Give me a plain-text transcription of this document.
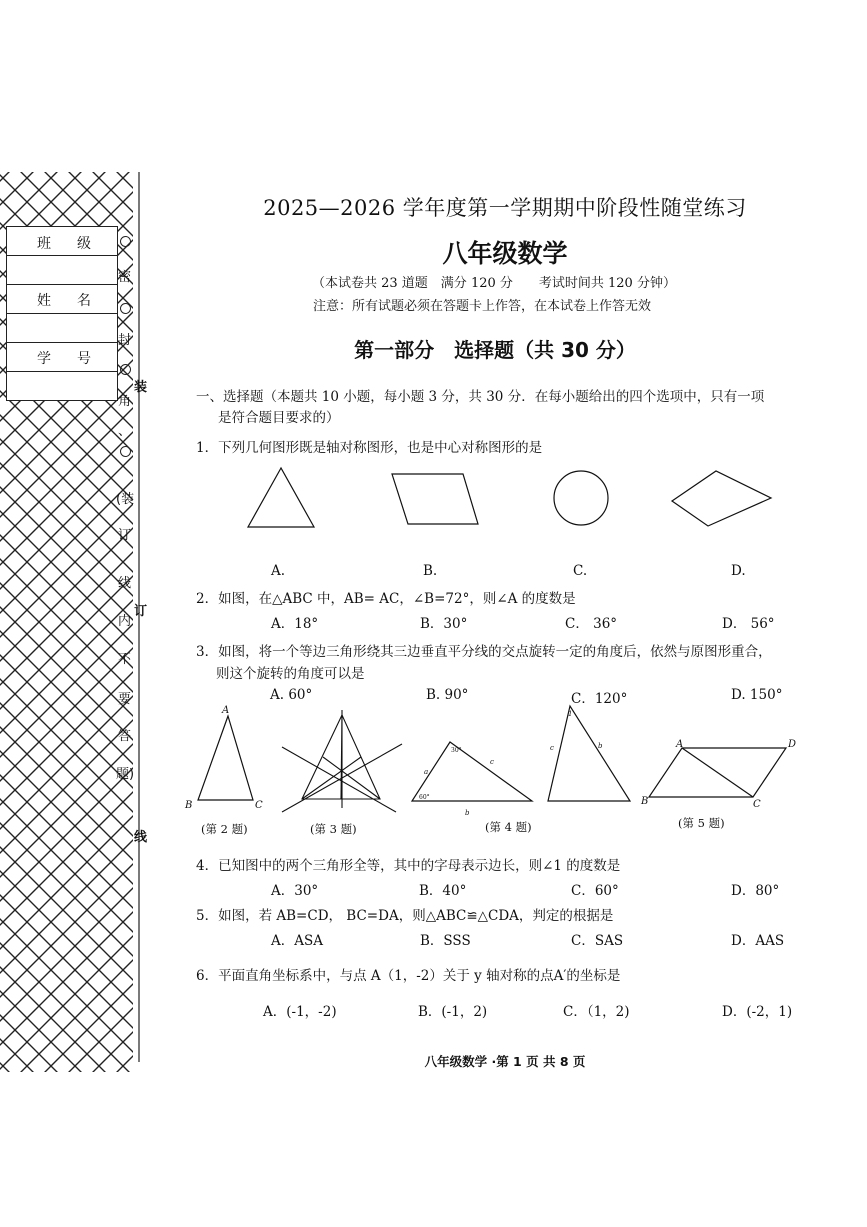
班级
姓名
学号
密
封
角
、
(装
订
线
内
不
要
答
题)
装
订
线
2025—2026 学年度第一学期期中阶段性随堂练习
八年级数学
（本试卷共 23 道题　满分 120 分　　考试时间共 120 分钟）
注意：所有试题必须在答题卡上作答，在本试卷上作答无效
第一部分　选择题（共 30 分）
一、选择题（本题共 10 小题，每小题 3 分，共 30 分．在每小题给出的四个选项中，只有一项
是符合题目要求的）
1．下列几何图形既是轴对称图形，也是中心对称图形的是
A.	B.	C.	D.
2．如图，在△ABC 中，AB= AC，∠B=72°，则∠A 的度数是
A．18°	B．30°	C． 36°	D． 56°
3．如图，将一个等边三角形绕其三边垂直平分线的交点旋转一定的角度后，依然与原图形重合，
则这个旋转的角度可以是
A. 60°	B. 90°	C．120°	D. 150°
A
B	C
30°
60°
a
b
c
c	b
1
A	D
B	C
(第 2 题)	(第 3 题)	(第 4 题)	(第 5 题)
4．已知图中的两个三角形全等，其中的字母表示边长，则∠1 的度数是
A．30°	B．40°	C．60°	D．80°
5．如图，若 AB=CD， BC=DA，则△ABC≌△CDA，判定的根据是
A．ASA	B．SSS	C．SAS	D．AAS
6．平面直角坐标系中，与点 A（1，-2）关于 y 轴对称的点A′的坐标是
A．(-1，-2)	B．(-1，2)	C．（1，2)	D．(-2，1)
八年级数学 ·第 1 页 共 8 页
